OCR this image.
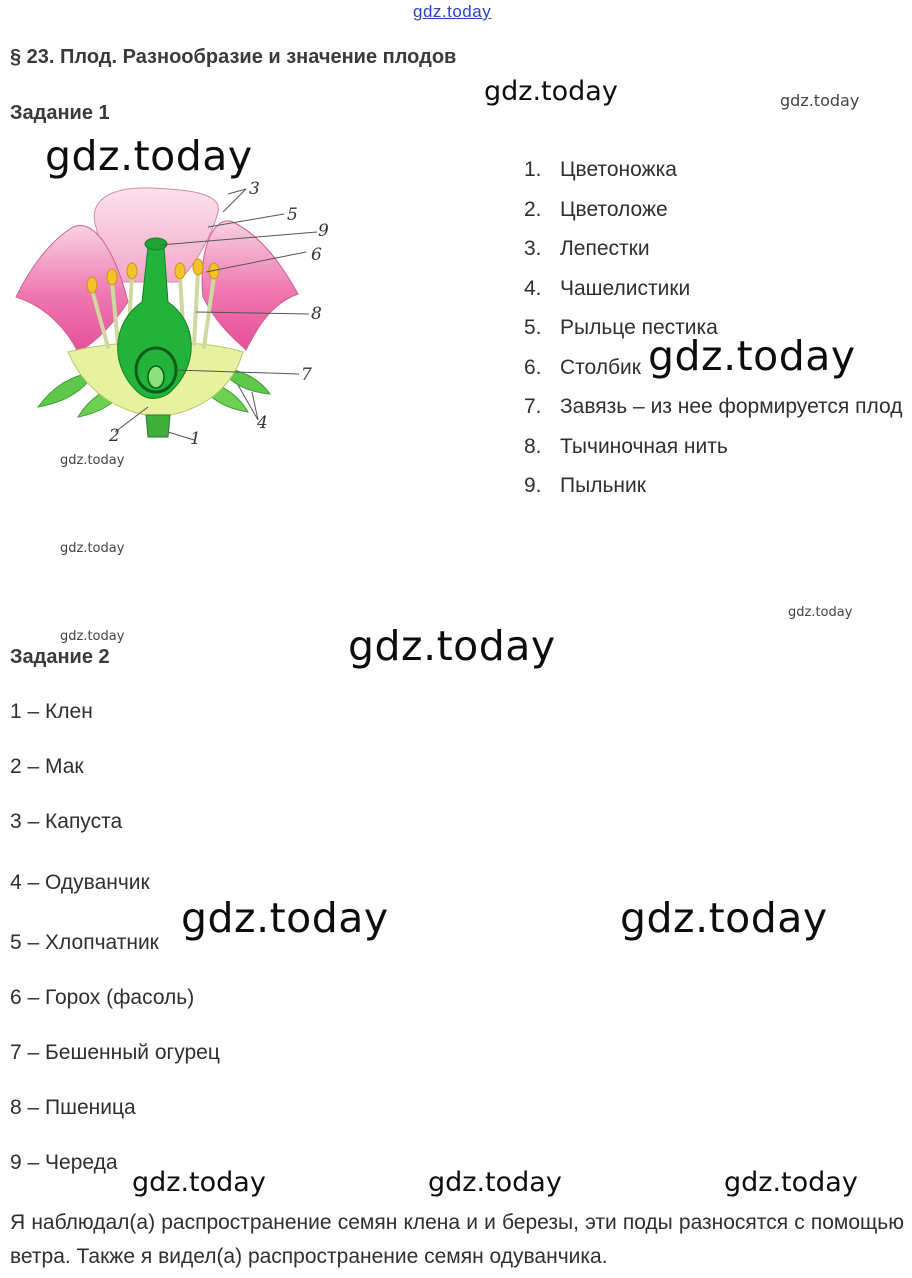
gdz.today
§ 23. Плод. Разнообразие и значение плодов
Задание 1
1
2
3
4
5
6
7
8
9
1. Цветоножка
2. Цветоложе
3. Лепестки
4. Чашелистики
5. Рыльце пестика
6. Столбик
7. Завязь – из нее формируется плод
8. Тычиночная нить
9. Пыльник
Задание 2
1 – Клен
2 – Мак
3 – Капуста
4 – Одуванчик
5 – Хлопчатник
6 – Горох (фасоль)
7 – Бешенный огурец
8 – Пшеница
9 – Череда

Я наблюдал(а) распространение семян клена и и березы, эти поды разносятся с помощью ветра. Также я видел(а) распространение семян одуванчика.

gdz.today	gdz.today
gdz.today
gdz.today
gdz.today
gdz.today
gdz.today
gdz.today	gdz.today
gdz.today	gdz.today
gdz.today	gdz.today	gdz.today
